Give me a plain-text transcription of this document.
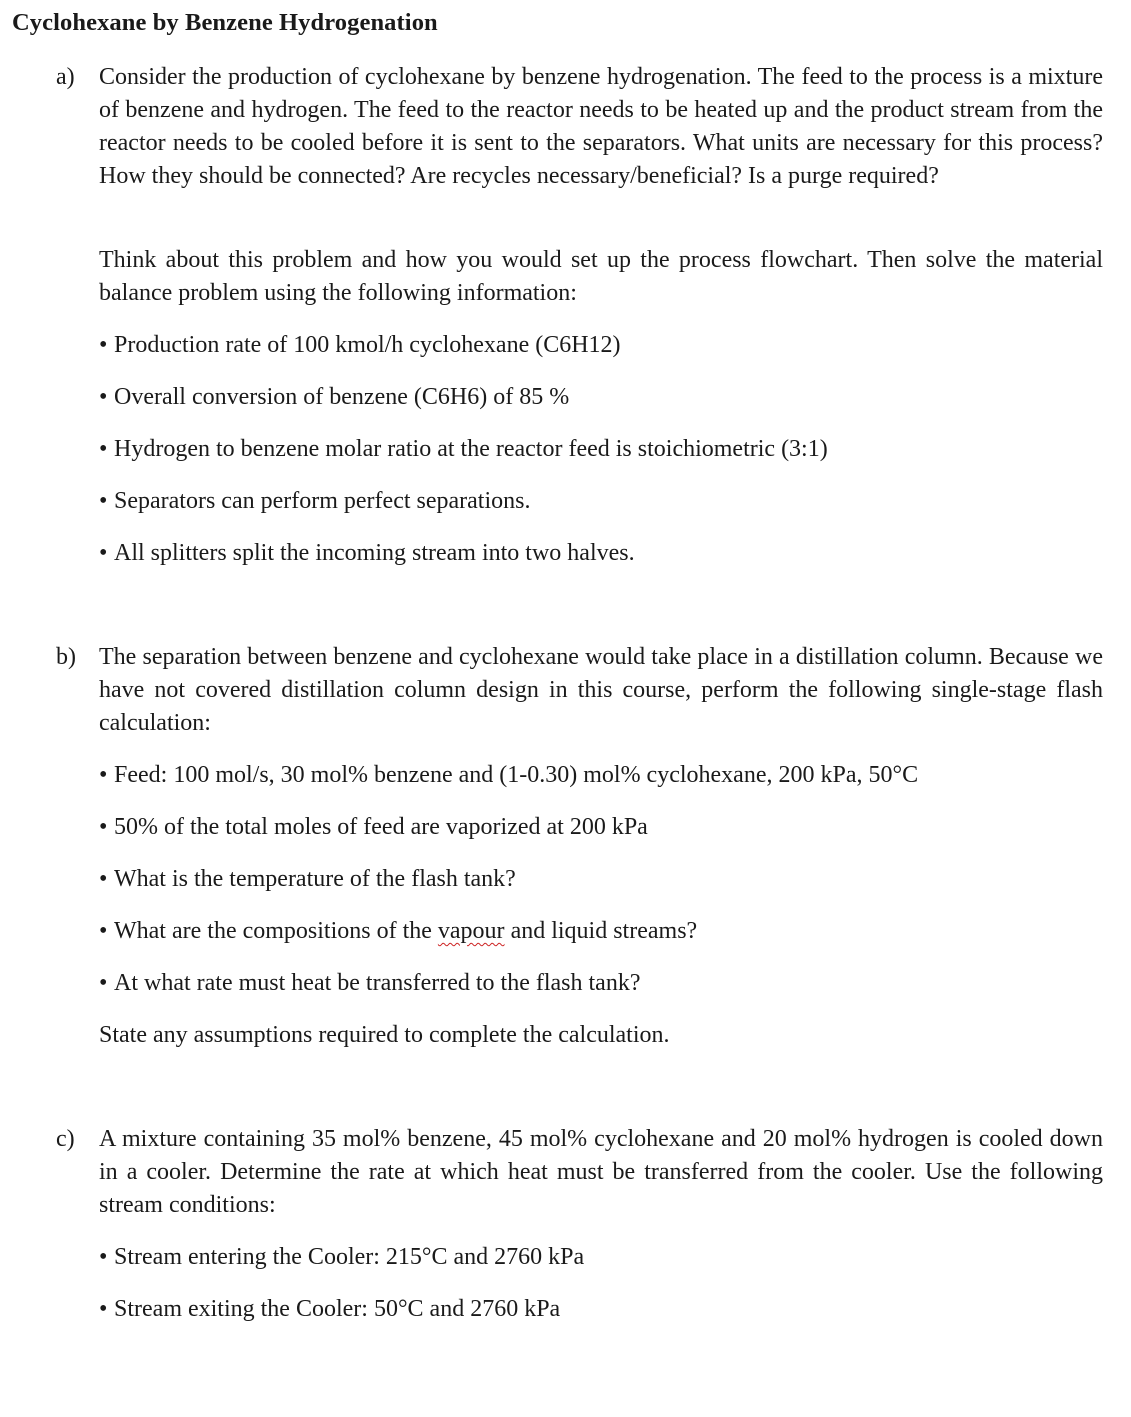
Cyclohexane by Benzene Hydrogenation
a) Consider the production of cyclohexane by benzene hydrogenation. The feed to the process is a mixture of benzene and hydrogen. The feed to the reactor needs to be heated up and the product stream from the reactor needs to be cooled before it is sent to the separators. What units are necessary for this process? How they should be connected? Are recycles necessary/beneficial? Is a purge required?

Think about this problem and how you would set up the process flowchart. Then solve the material balance problem using the following information:

• Production rate of 100 kmol/h cyclohexane (C6H12)
• Overall conversion of benzene (C6H6) of 85 %
• Hydrogen to benzene molar ratio at the reactor feed is stoichiometric (3:1)
• Separators can perform perfect separations.
• All splitters split the incoming stream into two halves.
b) The separation between benzene and cyclohexane would take place in a distillation column. Because we have not covered distillation column design in this course, perform the following single-stage flash calculation:

• Feed: 100 mol/s, 30 mol% benzene and (1-0.30) mol% cyclohexane, 200 kPa, 50°C
• 50% of the total moles of feed are vaporized at 200 kPa
• What is the temperature of the flash tank?
• What are the compositions of the vapour and liquid streams?
• At what rate must heat be transferred to the flash tank?

State any assumptions required to complete the calculation.

c) A mixture containing 35 mol% benzene, 45 mol% cyclohexane and 20 mol% hydrogen is cooled down in a cooler. Determine the rate at which heat must be transferred from the cooler. Use the following stream conditions:

• Stream entering the Cooler: 215°C and 2760 kPa
• Stream exiting the Cooler: 50°C and 2760 kPa
